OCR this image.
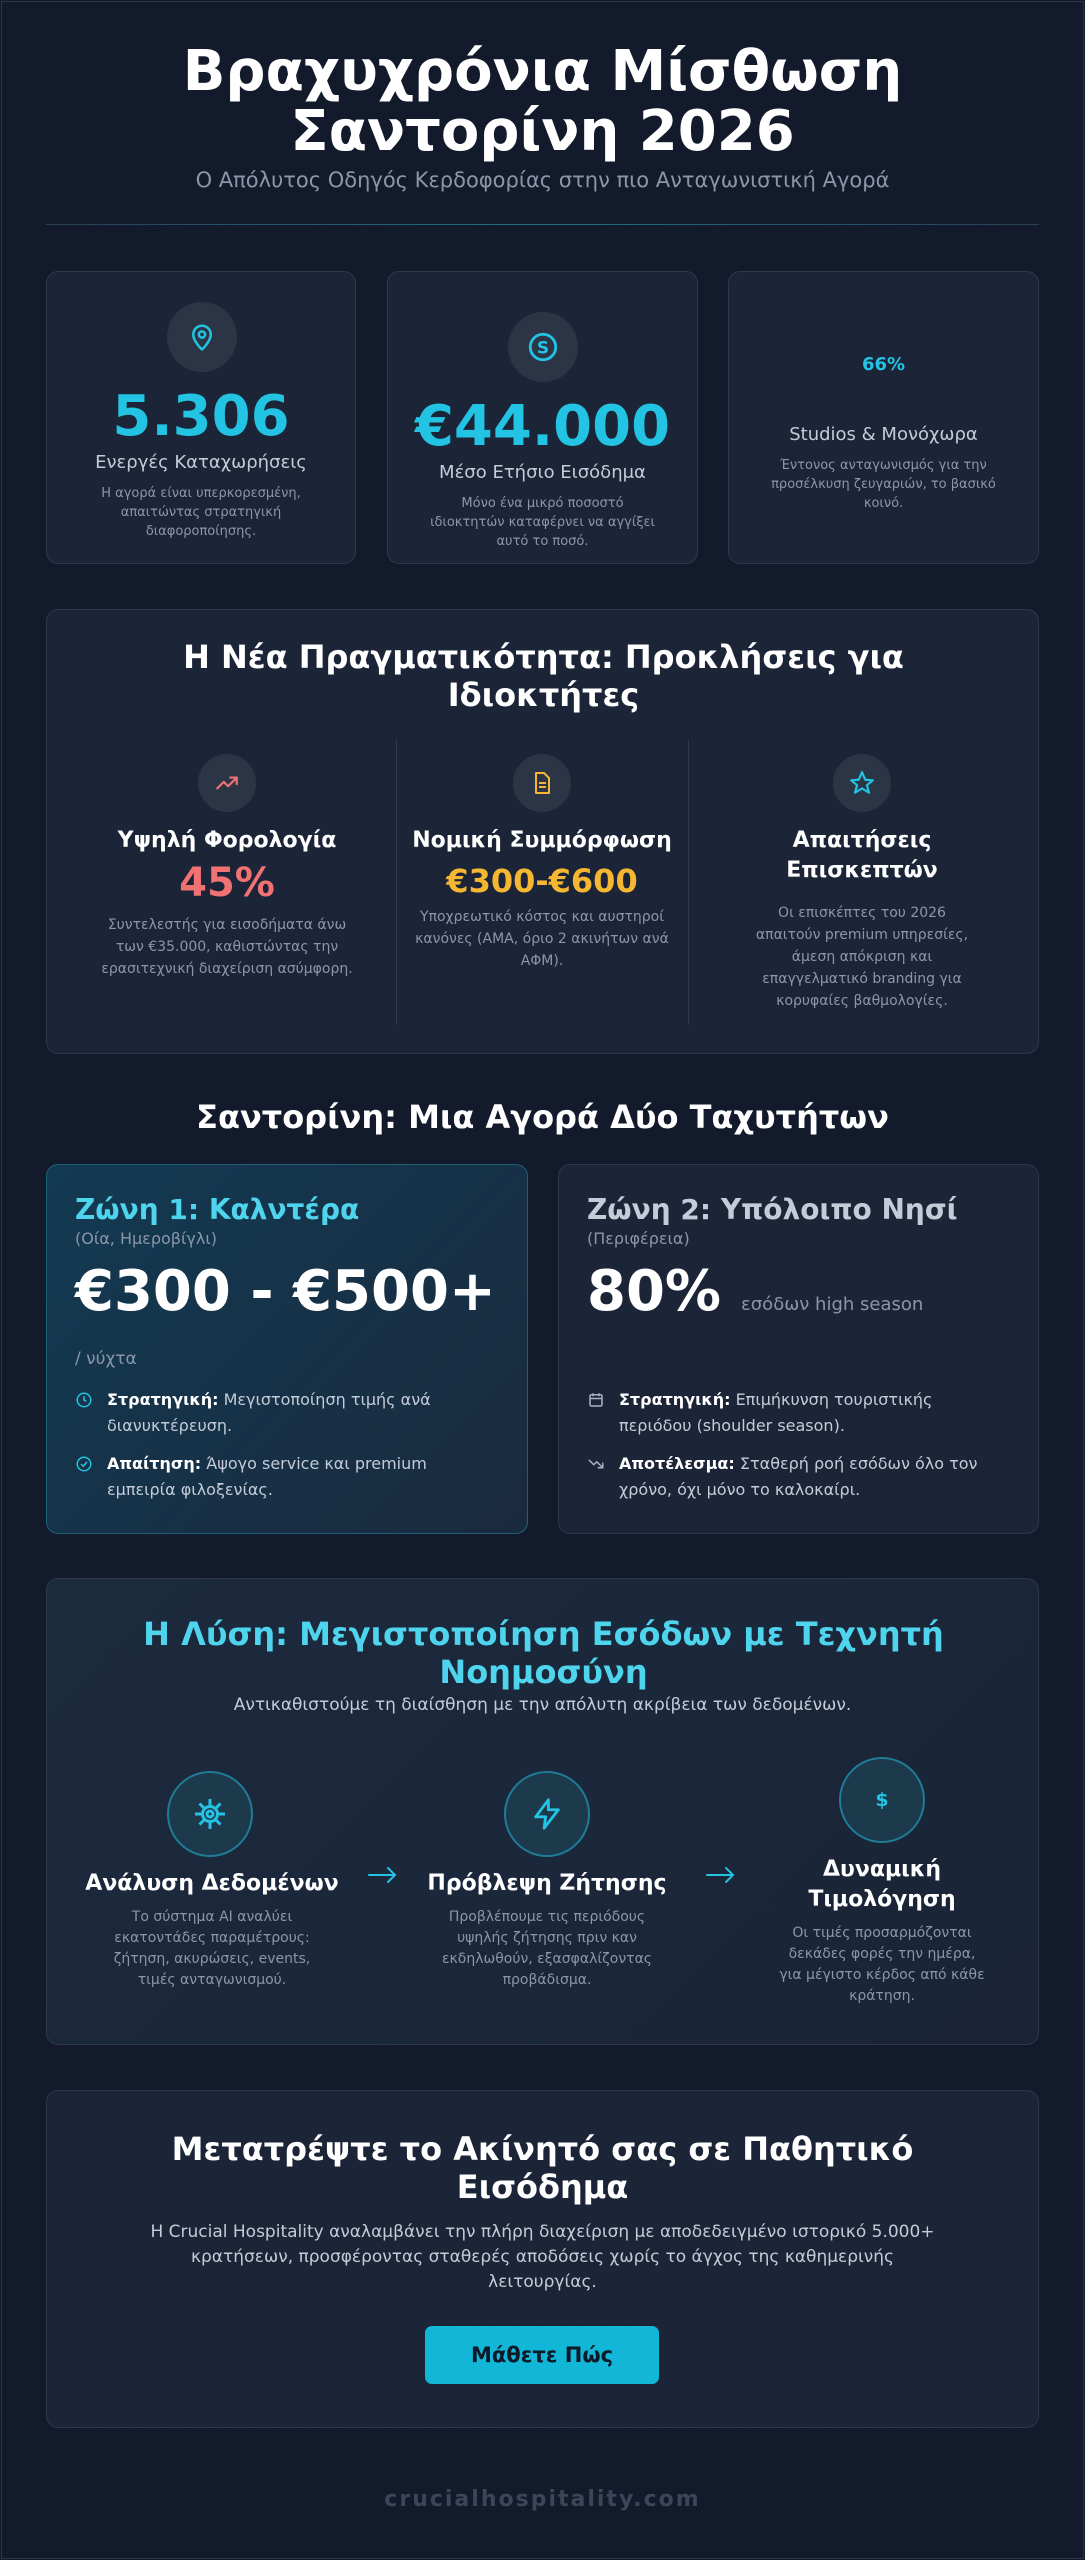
Βραχυχρόνια Μίσθωση
Σαντορίνη 2026
Ο Απόλυτος Οδηγός Κερδοφορίας στην πιο Ανταγωνιστική Αγορά
5.306
Ενεργές Καταχωρήσεις
Η αγορά είναι υπερκορεσμένη, απαιτώντας στρατηγική διαφοροποίησης.
S
€44.000
Μέσο Ετήσιο Εισόδημα
Μόνο ένα μικρό ποσοστό ιδιοκτητών καταφέρνει να αγγίξει αυτό το ποσό.
66%
Studios & Μονόχωρα
Έντονος ανταγωνισμός για την προσέλκυση ζευγαριών, το βασικό κοινό.
Η Νέα Πραγματικότητα: Προκλήσεις για Ιδιοκτήτες
Υψηλή Φορολογία
45%
Συντελεστής για εισοδήματα άνω των €35.000, καθιστώντας την ερασιτεχνική διαχείριση ασύμφορη.
Νομική Συμμόρφωση
€300-€600
Υποχρεωτικό κόστος και αυστηροί κανόνες (ΑΜΑ, όριο 2 ακινήτων ανά ΑΦΜ).
Απαιτήσεις Επισκεπτών
Οι επισκέπτες του 2026 απαιτούν premium υπηρεσίες, άμεση απόκριση και επαγγελματικό branding για κορυφαίες βαθμολογίες.
Σαντορίνη: Μια Αγορά Δύο Ταχυτήτων
Ζώνη 1: Καλντέρα
(Οία, Ημεροβίγλι)
€300 - €500+
/ νύχτα
Στρατηγική: Μεγιστοποίηση τιμής ανά διανυκτέρευση.
Απαίτηση: Άψογο service και premium εμπειρία φιλοξενίας.
Ζώνη 2: Υπόλοιπο Νησί
(Περιφέρεια)
80% εσόδων high season
Στρατηγική: Επιμήκυνση τουριστικής περιόδου (shoulder season).
Αποτέλεσμα: Σταθερή ροή εσόδων όλο τον χρόνο, όχι μόνο το καλοκαίρι.
Η Λύση: Μεγιστοποίηση Εσόδων με Τεχνητή Νοημοσύνη
Αντικαθιστούμε τη διαίσθηση με την απόλυτη ακρίβεια των δεδομένων.
Ανάλυση Δεδομένων
Το σύστημα AI αναλύει εκατοντάδες παραμέτρους: ζήτηση, ακυρώσεις, events, τιμές ανταγωνισμού.
Πρόβλεψη Ζήτησης
Προβλέπουμε τις περιόδους υψηλής ζήτησης πριν καν εκδηλωθούν, εξασφαλίζοντας προβάδισμα.
$
Δυναμική Τιμολόγηση
Οι τιμές προσαρμόζονται δεκάδες φορές την ημέρα, για μέγιστο κέρδος από κάθε κράτηση.
Μετατρέψτε το Ακίνητό σας σε Παθητικό Εισόδημα
Η Crucial Hospitality αναλαμβάνει την πλήρη διαχείριση με αποδεδειγμένο ιστορικό 5.000+ κρατήσεων, προσφέροντας σταθερές αποδόσεις χωρίς το άγχος της καθημερινής λειτουργίας.
Μάθετε Πώς
crucialhospitality.com
